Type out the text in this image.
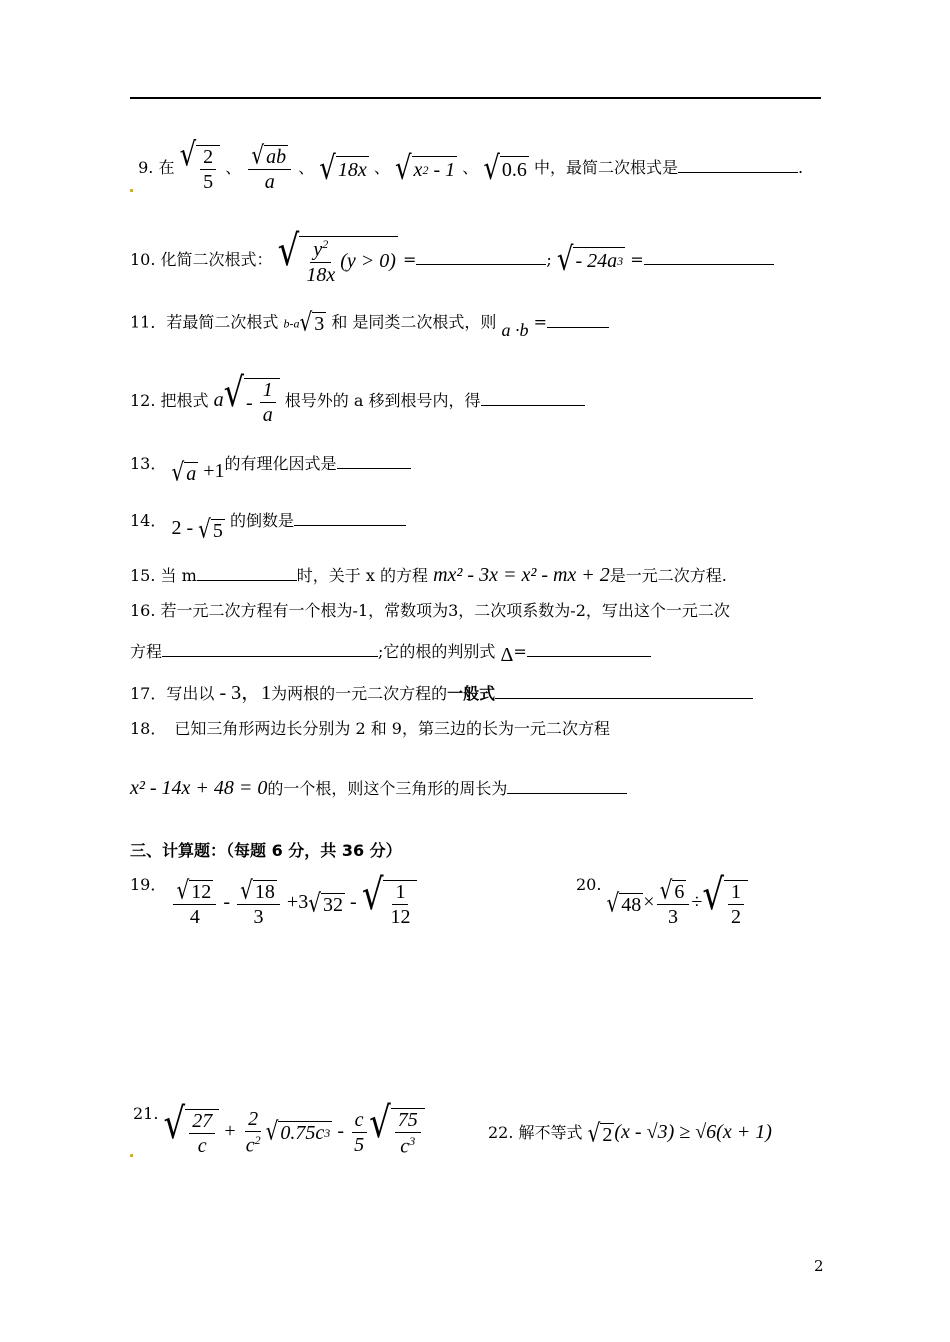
9. 在 √ $\frac{2}{5}$ 、 $\frac{√ ab}{a}$ 、 √ 18 x 、 √ x 2 - 1 、 √ 0.6 中，最简二次根式是	.
10. 化简二次根式： √ $\frac{y^2}{18x} (y > 0)$ =	; √ - 24a 3 =
11．若最简二次根式 b-a √ 3 和 是同类二次根式，则 a ·b =
12. 把根式 a √ - $\frac{1}{a}$ 根号外的 a 移到根号内，得
13． √ a +1的有理化因式是
14． 2 - √ 5 的倒数是
15. 当 m	时，关于 x 的方程 mx² - 3x = x² - mx + 2是一元二次方程.
16. 若一元二次方程有一个根为-1，常数项为3，二次项系数为-2，写出这个一元二次
方程	;它的根的判别式 Δ=
17．写出以 - 3，1为两根的一元二次方程的一般式
18．　已知三角形两边长分别为 2 和 9，第三边的长为一元二次方程
x² - 14x + 48 = 0的一个根，则这个三角形的周长为
三、计算题：（每题 6 分，共 36 分）
19． $\frac{√ 12}{4} - \frac{√ 18}{3} +3$ √ 32 - √ $\frac{1}{12}$	20.
√ $48 \times \frac{√ 6}{3}$ ÷ √ $\frac{1}{2}$
21. √ $\frac{27}{c} + \frac{2}{c^2}$ √ 0.75 c $3 - \frac{c}{5}$ √ $\frac{75}{c^3}$	22. 解不等式 √ 2 (x - √3) ≥ √6(x + 1)
2
